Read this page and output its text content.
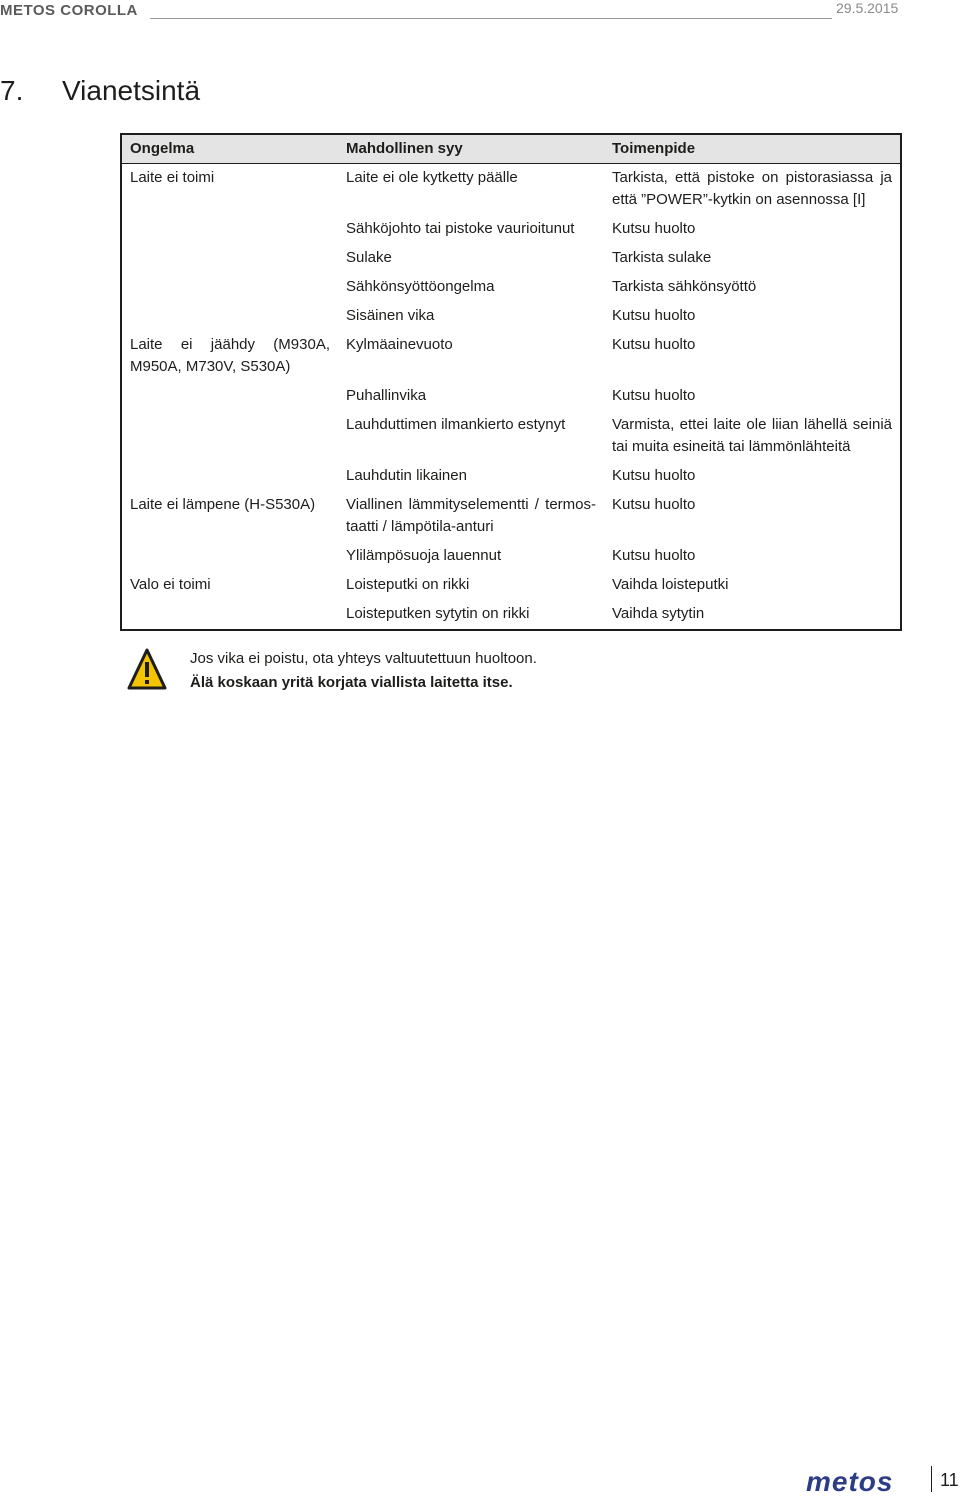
METOS COROLLA	29.5.2015
7. Vianetsintä
Ongelma	Mahdollinen syy	Toimenpide
Laite ei toimi	Laite ei ole kytketty päälle	Tarkista, että pistoke on pistorasiassa ja että ”POWER”-kytkin on asennossa [I]
	Sähköjohto tai pistoke vaurioitunut	Kutsu huolto
	Sulake	Tarkista sulake
	Sähkönsyöttöongelma	Tarkista sähkönsyöttö
	Sisäinen vika	Kutsu huolto
Laite ei jäähdy (M930A, M950A, M730V, S530A)	Kylmäainevuoto	Kutsu huolto
	Puhallinvika	Kutsu huolto
	Lauhduttimen ilmankierto estynyt	Varmista, ettei laite ole liian lähellä seiniä tai muita esineitä tai lämmönlähteitä
	Lauhdutin likainen	Kutsu huolto
Laite ei lämpene (H-S530A)	Viallinen lämmityselementti / termos-taatti / lämpötila-anturi	Kutsu huolto
	Ylilämpösuoja lauennut	Kutsu huolto
Valo ei toimi	Loisteputki on rikki	Vaihda loisteputki
	Loisteputken sytytin on rikki	Vaihda sytytin
Jos vika ei poistu, ota yhteys valtuutettuun huoltoon.
Älä koskaan yritä korjata viallista laitetta itse.
metos	11
